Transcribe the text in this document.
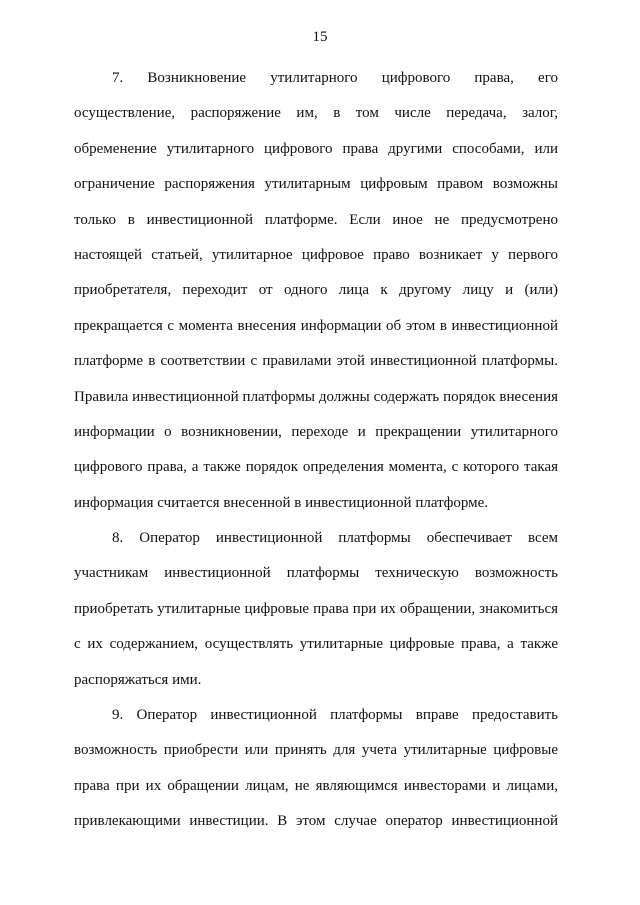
15

7. Возникновение утилитарного цифрового права, его
осуществление, распоряжение им, в том числе передача, залог,
обременение утилитарного цифрового права другими способами, или
ограничение распоряжения утилитарным цифровым правом возможны
только в инвестиционной платформе. Если иное не предусмотрено
настоящей статьей, утилитарное цифровое право возникает у первого
приобретателя, переходит от одного лица к другому лицу и (или)
прекращается с момента внесения информации об этом в инвестиционной
платформе в соответствии с правилами этой инвестиционной платформы.
Правила инвестиционной платформы должны содержать порядок внесения
информации о возникновении, переходе и прекращении утилитарного
цифрового права, а также порядок определения момента, с которого такая
информация считается внесенной в инвестиционной платформе.

8. Оператор инвестиционной платформы обеспечивает всем
участникам инвестиционной платформы техническую возможность
приобретать утилитарные цифровые права при их обращении, знакомиться
с их содержанием, осуществлять утилитарные цифровые права, а также
распоряжаться ими.

9. Оператор инвестиционной платформы вправе предоставить
возможность приобрести или принять для учета утилитарные цифровые
права при их обращении лицам, не являющимся инвесторами и лицами,
привлекающими инвестиции. В этом случае оператор инвестиционной
